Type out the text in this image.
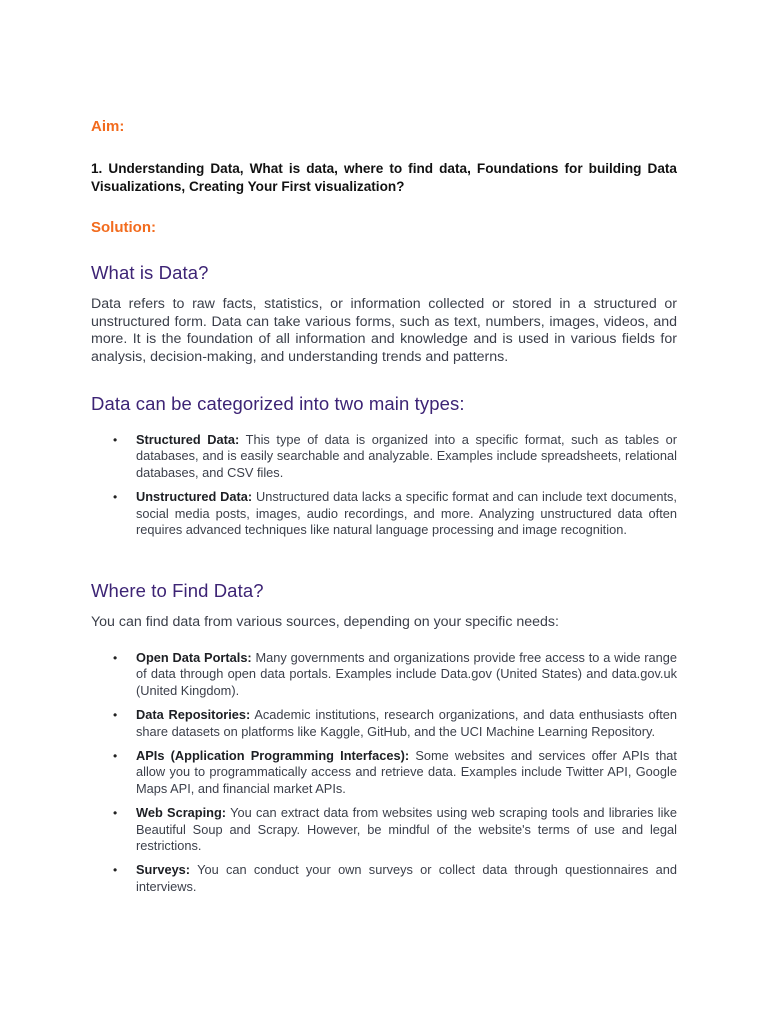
Aim:

1. Understanding Data, What is data, where to find data, Foundations for building Data Visualizations, Creating Your First visualization?

Solution:

What is Data?

Data refers to raw facts, statistics, or information collected or stored in a structured or unstructured form. Data can take various forms, such as text, numbers, images, videos, and more. It is the foundation of all information and knowledge and is used in various fields for analysis, decision-making, and understanding trends and patterns.

Data can be categorized into two main types:
• Structured Data: This type of data is organized into a specific format, such as tables or databases, and is easily searchable and analyzable. Examples include spreadsheets, relational databases, and CSV files.
• Unstructured Data: Unstructured data lacks a specific format and can include text documents, social media posts, images, audio recordings, and more. Analyzing unstructured data often requires advanced techniques like natural language processing and image recognition.
Where to Find Data?

You can find data from various sources, depending on your specific needs:

• Open Data Portals: Many governments and organizations provide free access to a wide range of data through open data portals. Examples include Data.gov (United States) and data.gov.uk (United Kingdom).
• Data Repositories: Academic institutions, research organizations, and data enthusiasts often share datasets on platforms like Kaggle, GitHub, and the UCI Machine Learning Repository.
• APIs (Application Programming Interfaces): Some websites and services offer APIs that allow you to programmatically access and retrieve data. Examples include Twitter API, Google Maps API, and financial market APIs.
• Web Scraping: You can extract data from websites using web scraping tools and libraries like Beautiful Soup and Scrapy. However, be mindful of the website's terms of use and legal restrictions.
• Surveys: You can conduct your own surveys or collect data through questionnaires and interviews.
